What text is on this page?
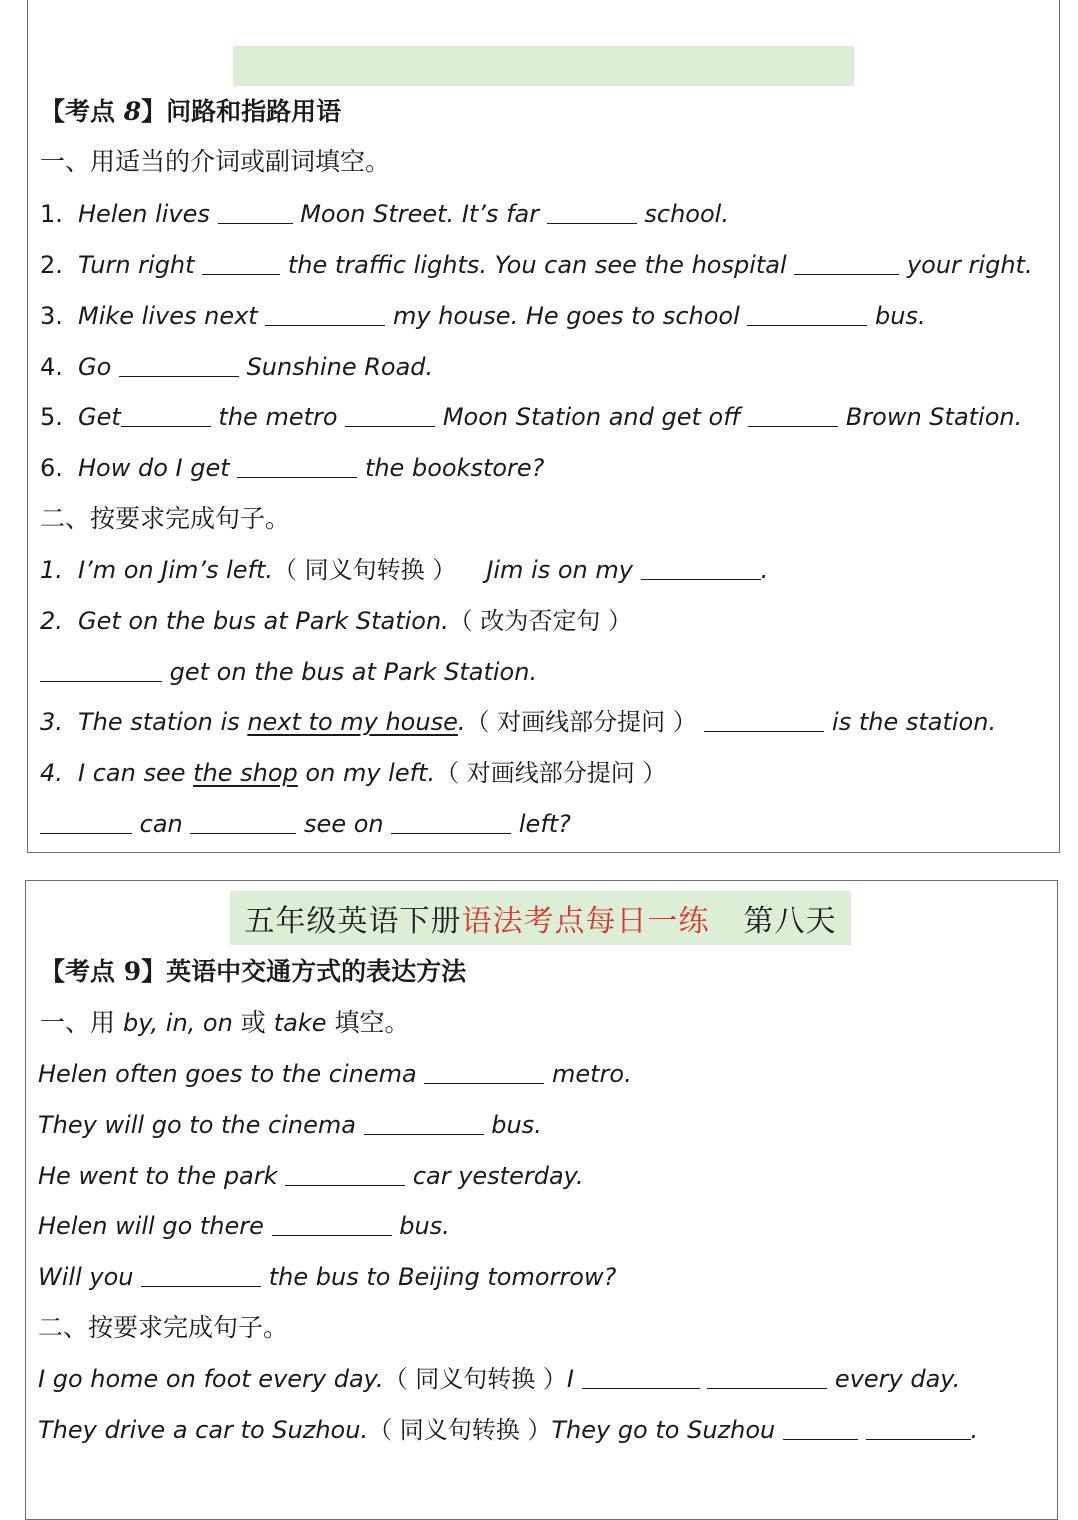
【考点 8】问路和指路用语
一、用适当的介词或副词填空。
1. Helen lives	Moon Street. It’s far	school.
2. Turn right	the traffic lights. You can see the hospital	your right.
3. Mike lives next	my house. He goes to school	bus.
4. Go	Sunshine Road.
5. Get	the metro	Moon Station and get off	Brown Station.
6. How do I get	the bookstore?
二、按要求完成句子。
1. I’m on Jim’s left.（ 同义句转换 ） Jim is on my	.
2. Get on the bus at Park Station.（ 改为否定句 ）
get on the bus at Park Station.
3. The station is next to my house.（ 对画线部分提问 ）	is the station.
4. I can see the shop on my left.（ 对画线部分提问 ）
can	see on	left?
五年级英语下册 语法考点每日一练 第八天
【考点 9】英语中交通方式的表达方法
一、用 by, in, on 或 take 填空。
Helen often goes to the cinema	metro.
They will go to the cinema	bus.
He went to the park	car yesterday.
Helen will go there	bus.
Will you	the bus to Beijing tomorrow?
二、按要求完成句子。
I go home on foot every day.（ 同义句转换 ）I	every day.
They drive a car to Suzhou.（ 同义句转换 ）They go to Suzhou	.
